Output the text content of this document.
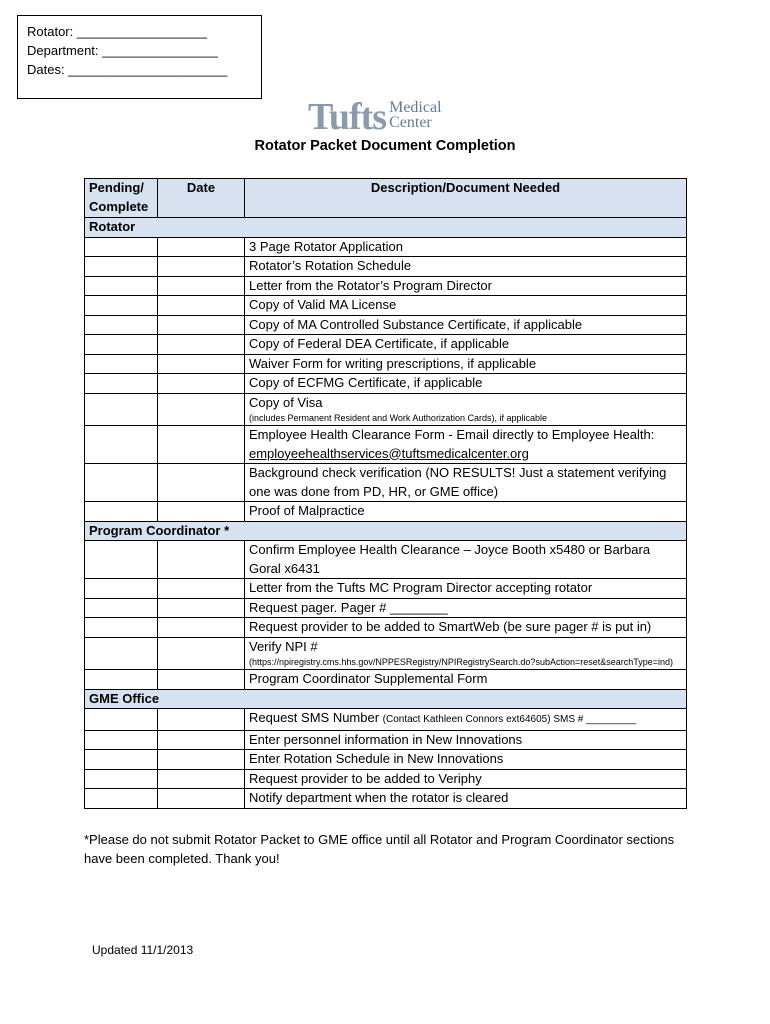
Rotator: __________________
Department: ________________
Dates: ______________________
Tufts Medical
Center
Rotator Packet Document Completion
Pending/ Complete	Date	Description/Document Needed
Rotator		
		3 Page Rotator Application
		Rotator’s Rotation Schedule
		Letter from the Rotator’s Program Director
		Copy of Valid MA License
		Copy of MA Controlled Substance Certificate, if applicable
		Copy of Federal DEA Certificate, if applicable
		Waiver Form for writing prescriptions, if applicable
		Copy of ECFMG Certificate, if applicable
		Copy of Visa
(includes Permanent Resident and Work Authorization Cards), if applicable

		Employee Health Clearance Form - Email directly to Employee Health:
employeehealthservices@tuftsmedicalcenter.org
		Background check verification (NO RESULTS! Just a statement verifying one was done from PD, HR, or GME office)
		Proof of Malpractice
Program Coordinator *		
		Confirm Employee Health Clearance – Joyce Booth x5480 or Barbara Goral x6431
		Letter from the Tufts MC Program Director accepting rotator
		Request pager. Pager # ________
		Request provider to be added to SmartWeb (be sure pager # is put in)
		Verify NPI #
(https://npiregistry.cms.hhs.gov/NPPESRegistry/NPIRegistrySearch.do?subAction=reset&searchType=ind)

		Program Coordinator Supplemental Form
GME Office		
		Request SMS Number (Contact Kathleen Connors ext64605) SMS # _________
		Enter personnel information in New Innovations
		Enter Rotation Schedule in New Innovations
		Request provider to be added to Veriphy
		Notify department when the rotator is cleared
*Please do not submit Rotator Packet to GME office until all Rotator and Program Coordinator sections have been completed. Thank you!
Updated 11/1/2013
